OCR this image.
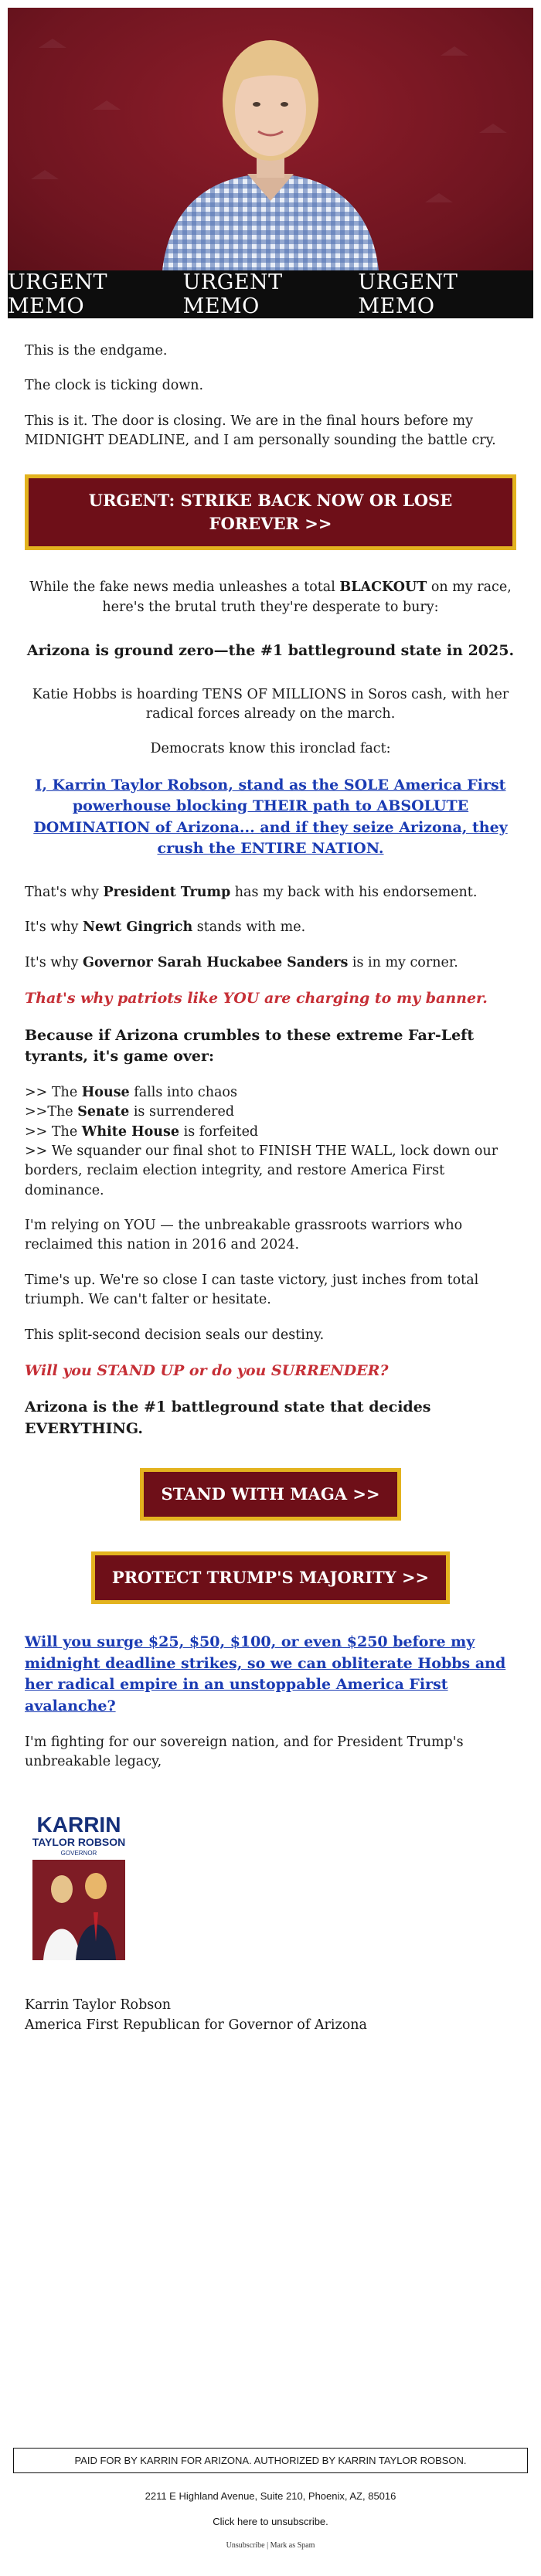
URGENT MEMO
URGENT MEMO
URGENT MEMO

This is the endgame.

The clock is ticking down.

This is it. The door is closing. We are in the final hours before my MIDNIGHT DEADLINE, and I am personally sounding the battle cry.

URGENT: STRIKE BACK NOW OR LOSE FOREVER >>

While the fake news media unleashes a total BLACKOUT on my race, here's the brutal truth they're desperate to bury:

Arizona is ground zero—the #1 battleground state in 2025.

Katie Hobbs is hoarding TENS OF MILLIONS in Soros cash, with her radical forces already on the march.

Democrats know this ironclad fact:

I, Karrin Taylor Robson, stand as the SOLE America First powerhouse blocking THEIR path to ABSOLUTE DOMINATION of Arizona... and if they seize Arizona, they crush the ENTIRE NATION.

That's why President Trump has my back with his endorsement.

It's why Newt Gingrich stands with me.

It's why Governor Sarah Huckabee Sanders is in my corner.

That's why patriots like YOU are charging to my banner.

Because if Arizona crumbles to these extreme Far-Left tyrants, it's game over:

>> The House falls into chaos
>>The Senate is surrendered
>> The White House is forfeited
>> We squander our final shot to FINISH THE WALL, lock down our borders, reclaim election integrity, and restore America First dominance.

I'm relying on YOU — the unbreakable grassroots warriors who reclaimed this nation in 2016 and 2024.

Time's up. We're so close I can taste victory, just inches from total triumph. We can't falter or hesitate.

This split-second decision seals our destiny.

Will you STAND UP or do you SURRENDER?

Arizona is the #1 battleground state that decides EVERYTHING.

STAND WITH MAGA >>
PROTECT TRUMP'S MAJORITY >>

Will you surge $25, $50, $100, or even $250 before my midnight deadline strikes, so we can obliterate Hobbs and her radical empire in an unstoppable America First avalanche?

I'm fighting for our sovereign nation, and for President Trump's unbreakable legacy,

KARRIN
TAYLOR ROBSON
GOVERNOR

Karrin Taylor Robson

America First Republican for Governor of Arizona

PAID FOR BY KARRIN FOR ARIZONA. AUTHORIZED BY KARRIN TAYLOR ROBSON.

2211 E Highland Avenue, Suite 210, Phoenix, AZ, 85016

Click here to unsubscribe.

Unsubscribe | Mark as Spam
